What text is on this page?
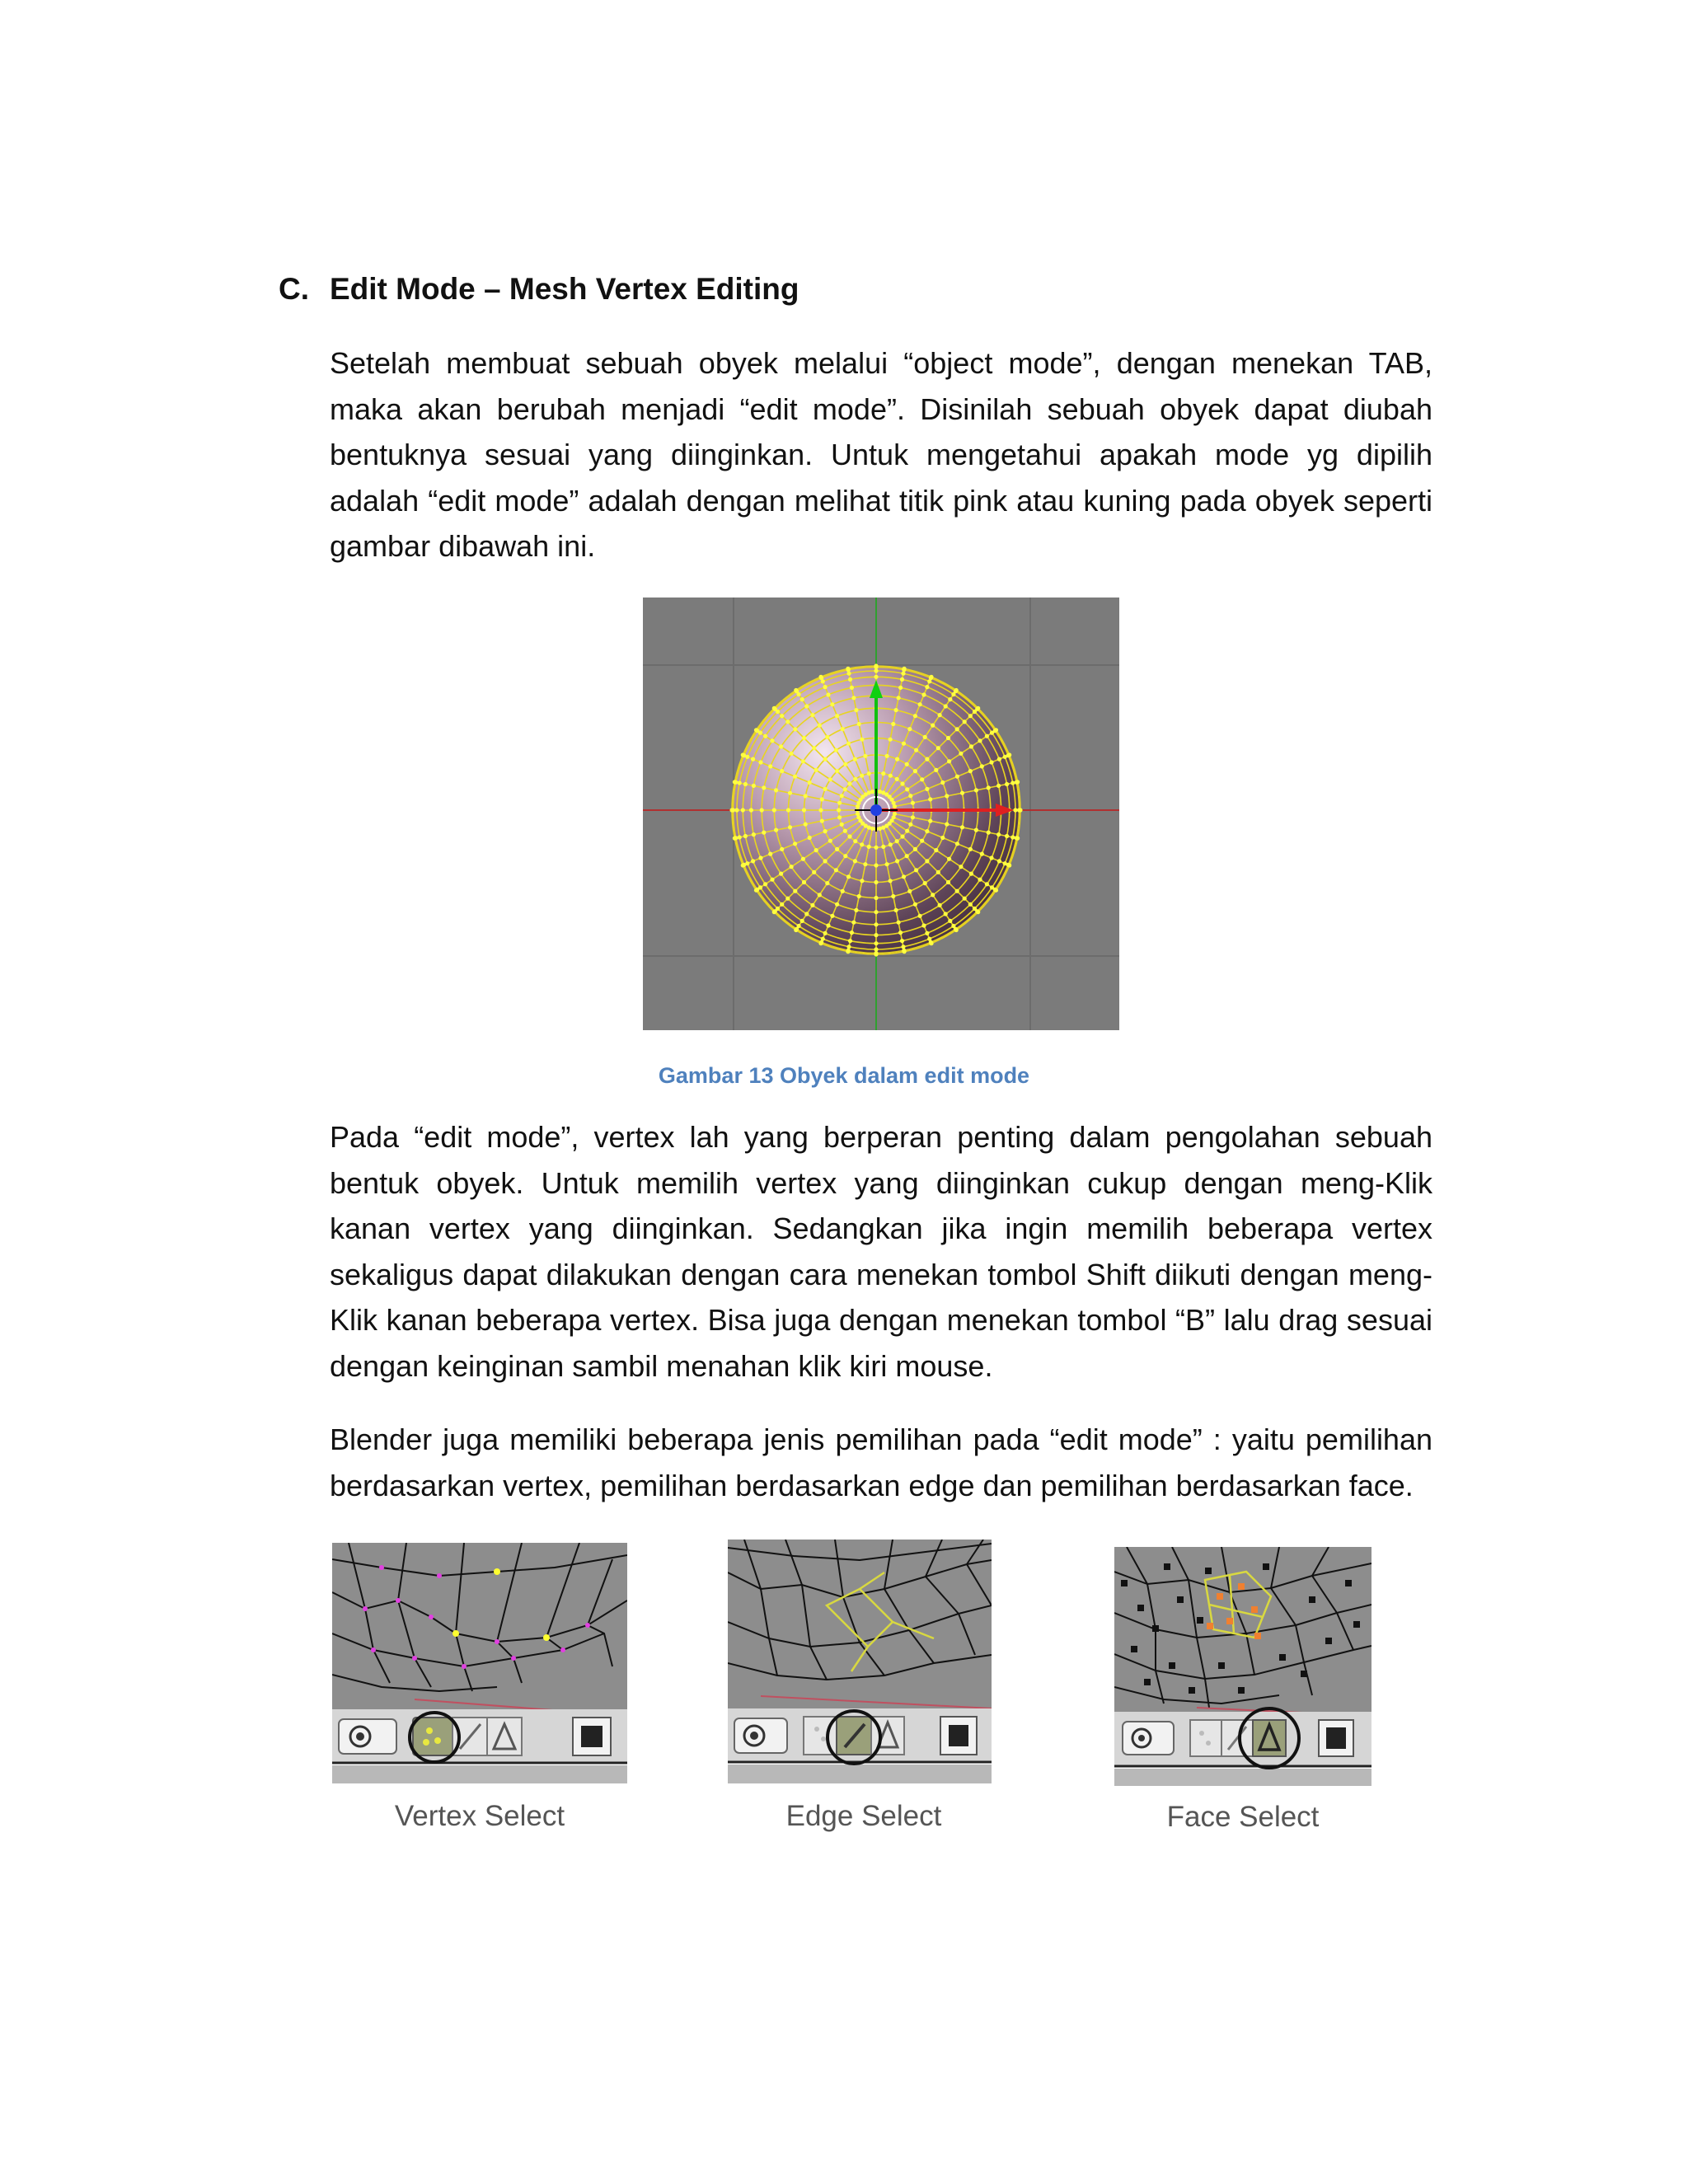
C. Edit Mode – Mesh Vertex Editing
Setelah membuat sebuah obyek melalui “object mode”, dengan menekan TAB, maka akan berubah menjadi “edit mode”. Disinilah sebuah obyek dapat diubah bentuknya sesuai yang diinginkan. Untuk mengetahui apakah mode yg dipilih adalah “edit mode” adalah dengan melihat titik pink atau kuning pada obyek seperti gambar dibawah ini.
Gambar 13 Obyek dalam edit mode
Pada “edit mode”, vertex lah yang berperan penting dalam pengolahan sebuah bentuk obyek. Untuk memilih vertex yang diinginkan cukup dengan meng-Klik kanan vertex yang diinginkan. Sedangkan jika ingin memilih beberapa vertex sekaligus dapat dilakukan dengan cara menekan tombol Shift diikuti dengan meng-Klik kanan beberapa vertex. Bisa juga dengan menekan tombol “B” lalu drag sesuai dengan keinginan sambil menahan klik kiri mouse.
Blender juga memiliki beberapa jenis pemilihan pada “edit mode” : yaitu pemilihan berdasarkan vertex, pemilihan berdasarkan edge dan pemilihan berdasarkan face.
Vertex Select	Edge Select	Face Select
